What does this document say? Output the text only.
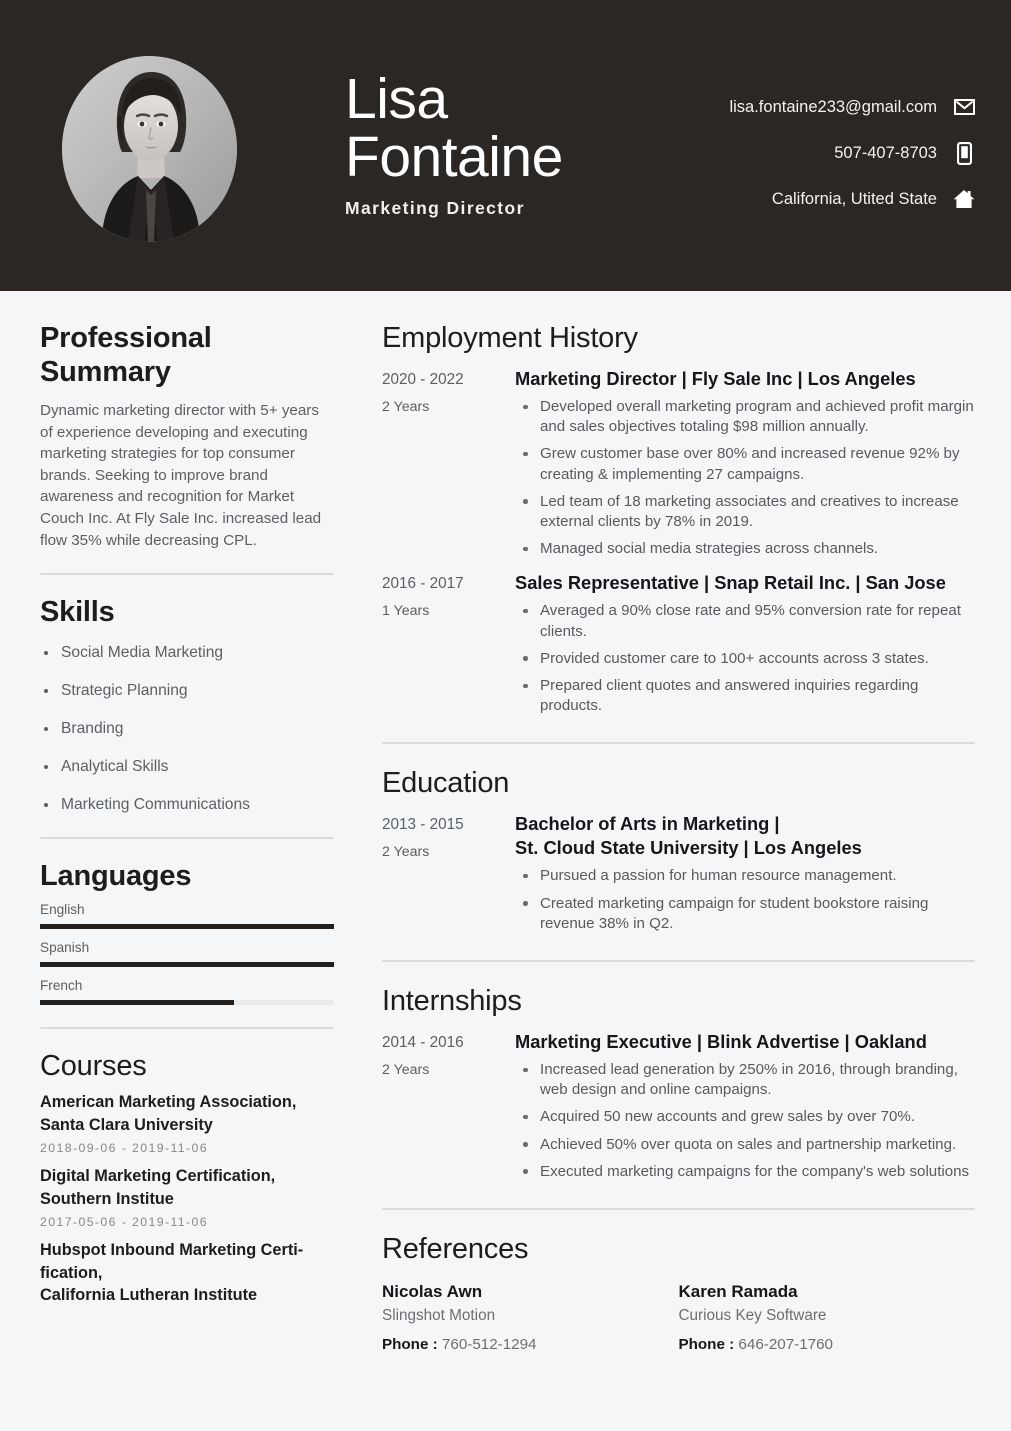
Lisa
Fontaine
Marketing Director
lisa.fontaine233@gmail.com
507-407-8703
California, Utited State
Professional Summary

Dynamic marketing director with 5+ years of experience developing and executing marketing strategies for top consumer brands. Seeking to improve brand awareness and recognition for Market Couch Inc. At Fly Sale Inc. increased lead flow 35% while decreasing CPL.

Skills
Social Media Marketing
Strategic Planning
Branding
Analytical Skills
Marketing Communications
Languages
English
Spanish
French
Courses
American Marketing Association,
Santa Clara University
2018-09-06 - 2019-11-06
Digital Marketing Certification,
Southern Institue
2017-05-06 - 2019-11-06
Hubspot Inbound Marketing Certi-
fication,
California Lutheran Institute
Employment History
2020 - 2022
2 Years
Marketing Director | Fly Sale Inc | Los Angeles
Developed overall marketing program and achieved profit margin and sales objectives totaling $98 million annually.
Grew customer base over 80% and increased revenue 92% by creating & implementing 27 campaigns.
Led team of 18 marketing associates and creatives to increase external clients by 78% in 2019.
Managed social media strategies across channels.
2016 - 2017
1 Years
Sales Representative | Snap Retail Inc. | San Jose
Averaged a 90% close rate and 95% conversion rate for repeat clients.
Provided customer care to 100+ accounts across 3 states.
Prepared client quotes and answered inquiries regarding products.
Education
2013 - 2015
2 Years
Bachelor of Arts in Marketing |
St. Cloud State University | Los Angeles
Pursued a passion for human resource management.
Created marketing campaign for student bookstore raising revenue 38% in Q2.
Internships
2014 - 2016
2 Years
Marketing Executive | Blink Advertise | Oakland
Increased lead generation by 250% in 2016, through branding, web design and online campaigns.
Acquired 50 new accounts and grew sales by over 70%.
Achieved 50% over quota on sales and partnership marketing.
Executed marketing campaigns for the company's web solutions
References
Nicolas Awn
Slingshot Motion
Phone : 760-512-1294
Karen Ramada
Curious Key Software
Phone : 646-207-1760
